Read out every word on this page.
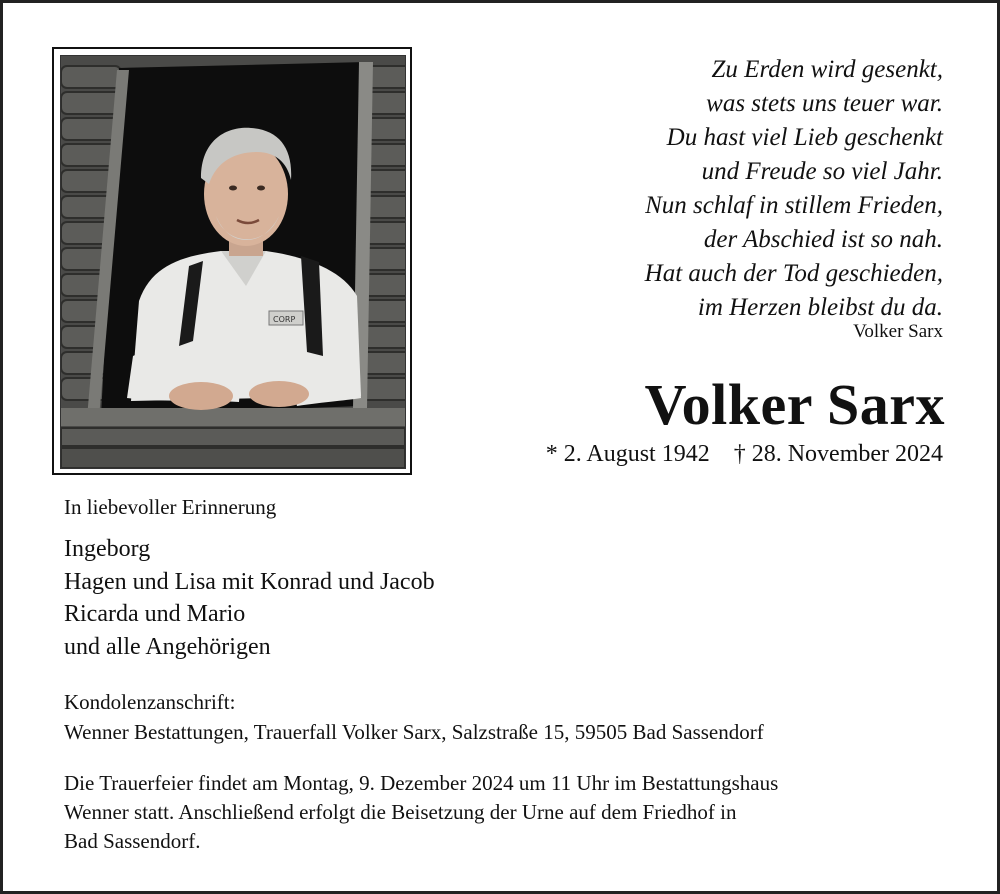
CORP
Zu Erden wird gesenkt,
was stets uns teuer war.
Du hast viel Lieb geschenkt
und Freude so viel Jahr.
Nun schlaf in stillem Frieden,
der Abschied ist so nah.
Hat auch der Tod geschieden,
im Herzen bleibst du da.
Volker Sarx
Volker Sarx
* 2. August 1942 † 28. November 2024
In liebevoller Erinnerung
Ingeborg
Hagen und Lisa mit Konrad und Jacob
Ricarda und Mario
und alle Angehörigen
Kondolenzanschrift:
Wenner Bestattungen, Trauerfall Volker Sarx, Salzstraße 15, 59505 Bad Sassendorf
Die Trauerfeier findet am Montag, 9. Dezember 2024 um 11 Uhr im Bestattungshaus
Wenner statt. Anschließend erfolgt die Beisetzung der Urne auf dem Friedhof in
Bad Sassendorf.
